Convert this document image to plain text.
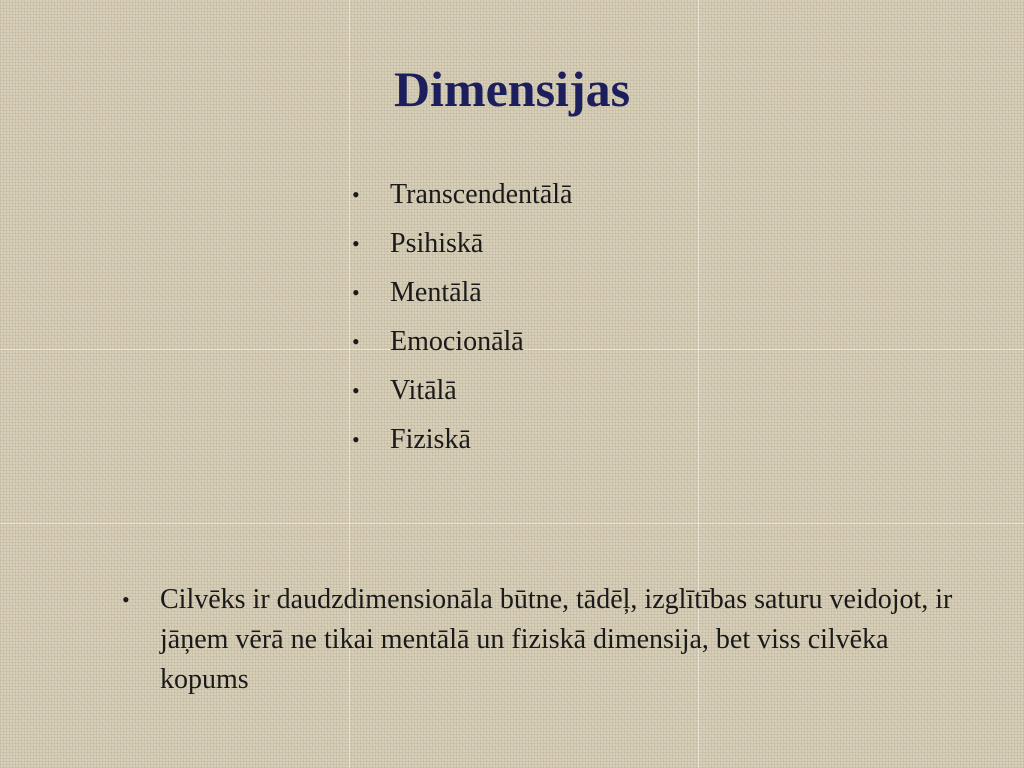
Dimensijas
• Transcendentālā
• Psihiskā
• Mentālā
• Emocionālā
• Vitālā
• Fiziskā
•	Cilvēks ir daudzdimensionāla būtne, tādēļ, izglītības saturu veidojot, ir jāņem vērā ne tikai mentālā un fiziskā dimensija, bet viss cilvēka kopums
